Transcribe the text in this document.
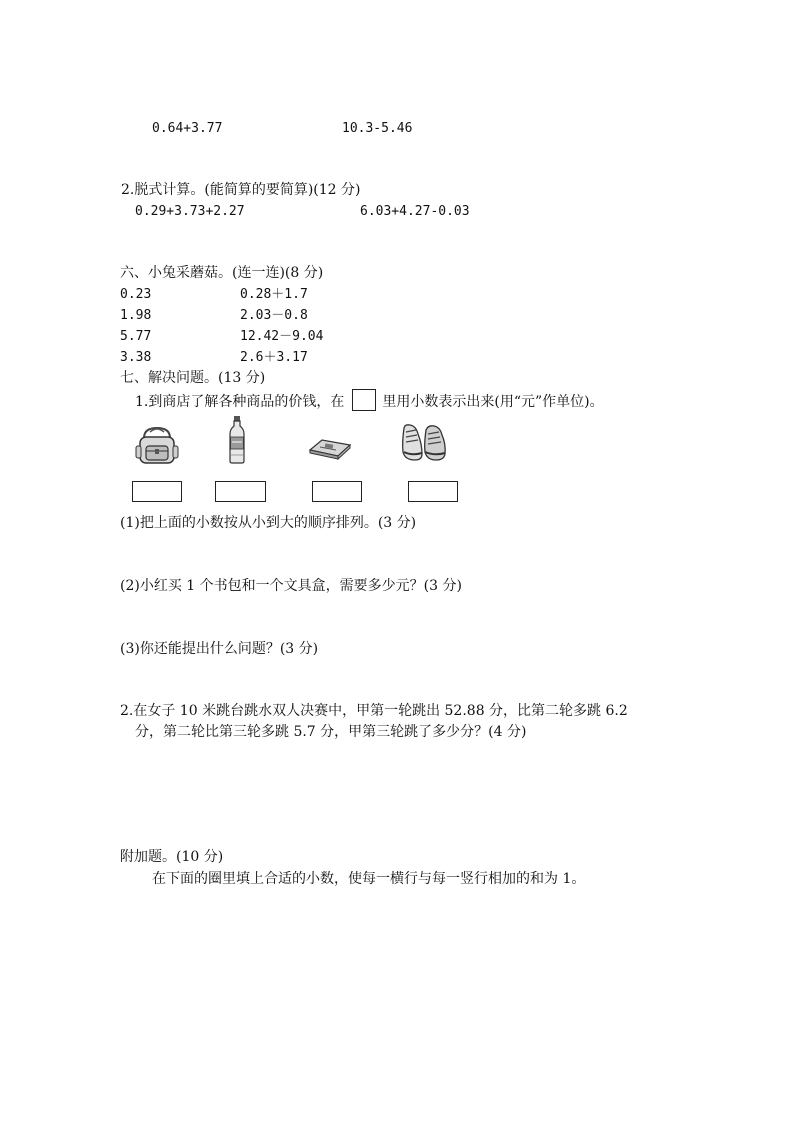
0.64+3.77	10.3-5.46
2.脱式计算。(能简算的要简算)(12 分)
0.29+3.73+2.27	6.03+4.27-0.03
六、小兔采蘑菇。(连一连)(8 分)
0.23	0.28＋1.7
1.98	2.03－0.8
5.77	12.42－9.04
3.38	2.6＋3.17
七、解决问题。(13 分)
1.到商店了解各种商品的价钱，在	里用小数表示出来(用“元”作单位)。
(1)把上面的小数按从小到大的顺序排列。(3 分)
(2)小红买 1 个书包和一个文具盒，需要多少元？(3 分)
(3)你还能提出什么问题？(3 分)
2.在女子 10 米跳台跳水双人决赛中，甲第一轮跳出 52.88 分，比第二轮多跳 6.2
分，第二轮比第三轮多跳 5.7 分，甲第三轮跳了多少分？(4 分)
附加题。(10 分)
在下面的圈里填上合适的小数，使每一横行与每一竖行相加的和为 1。
